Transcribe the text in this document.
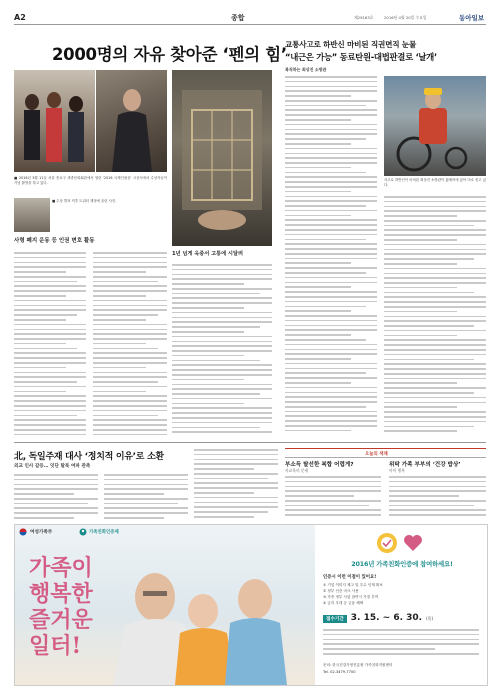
A2	종합	제29163호	2016년 4월 20일 수요일	동아일보
2000명의 자유 찾아준 ‘펜의 힘’
■ 2016년 3월 11일 서울 종로구 세종문화회관에서 열린 ‘2016 국제인권상’ 시상식에서 수상자들이 기념 촬영을 하고 있다.
■ 수상 발표 직후 트위터 계정에 올린 사진.
사형 폐지 운동 등 인권 변호 활동
1년 넘게 옥중서 고통에 시달려
교통사고로 하반신 마비된 직권면직 눈물
“내근은 가능” 동료탄원-대법판결로 ‘날개’
복직하는 최상진 소방관
사고로 하반신이 마비된 최상진 소방관이 휠체어에 앉아 미소 짓고 있다.
北, 독일주재 대사 ‘정치적 이유’로 소환
외교 인사 갈등… 잇단 탈북 여파 관측
오늘의 색채
부소득 탈선한 복합 어렵게?
사교육비 문제
위탁 가족 부부의 ‘건강 밥상’
아이 행복
가족이
행복한
즐거운
일터!
여성가족부	가족친화인증제
2016년 가족친화인증에 참여하세요!
인증시 이런 이점이 있어요!
① 기업 이미지 제고 및 우수 인재 확보
② 정부 인증 마크 사용
③ 각종 정부 사업 참여시 가점 부여
④ 금리 우대 등 금융 혜택
접수기간 3. 15. ~ 6. 30. (목)
문의: 한국건강가정진흥원 가족친화지원센터
Tel. 02-3479-7700
